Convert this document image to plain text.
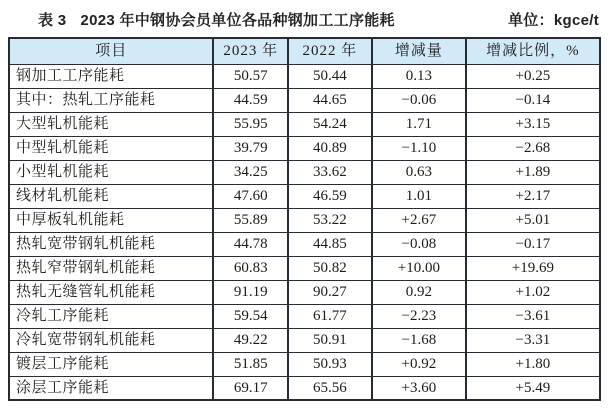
表 3 2023 年中钢协会员单位各品种钢加工工序能耗	单位：kgce/t
项目	2023 年	2022 年	增减量	增减比例，%
钢加工工序能耗	50.57	50.44	0.13	+0.25
其中：热轧工序能耗	44.59	44.65	−0.06	−0.14
大型轧机能耗	55.95	54.24	1.71	+3.15
中型轧机能耗	39.79	40.89	−1.10	−2.68
小型轧机能耗	34.25	33.62	0.63	+1.89
线材轧机能耗	47.60	46.59	1.01	+2.17
中厚板轧机能耗	55.89	53.22	+2.67	+5.01
热轧宽带钢轧机能耗	44.78	44.85	−0.08	−0.17
热轧窄带钢轧机能耗	60.83	50.82	+10.00	+19.69
热轧无缝管轧机能耗	91.19	90.27	0.92	+1.02
冷轧工序能耗	59.54	61.77	−2.23	−3.61
冷轧宽带钢轧机能耗	49.22	50.91	−1.68	−3.31
镀层工序能耗	51.85	50.93	+0.92	+1.80
涂层工序能耗	69.17	65.56	+3.60	+5.49
